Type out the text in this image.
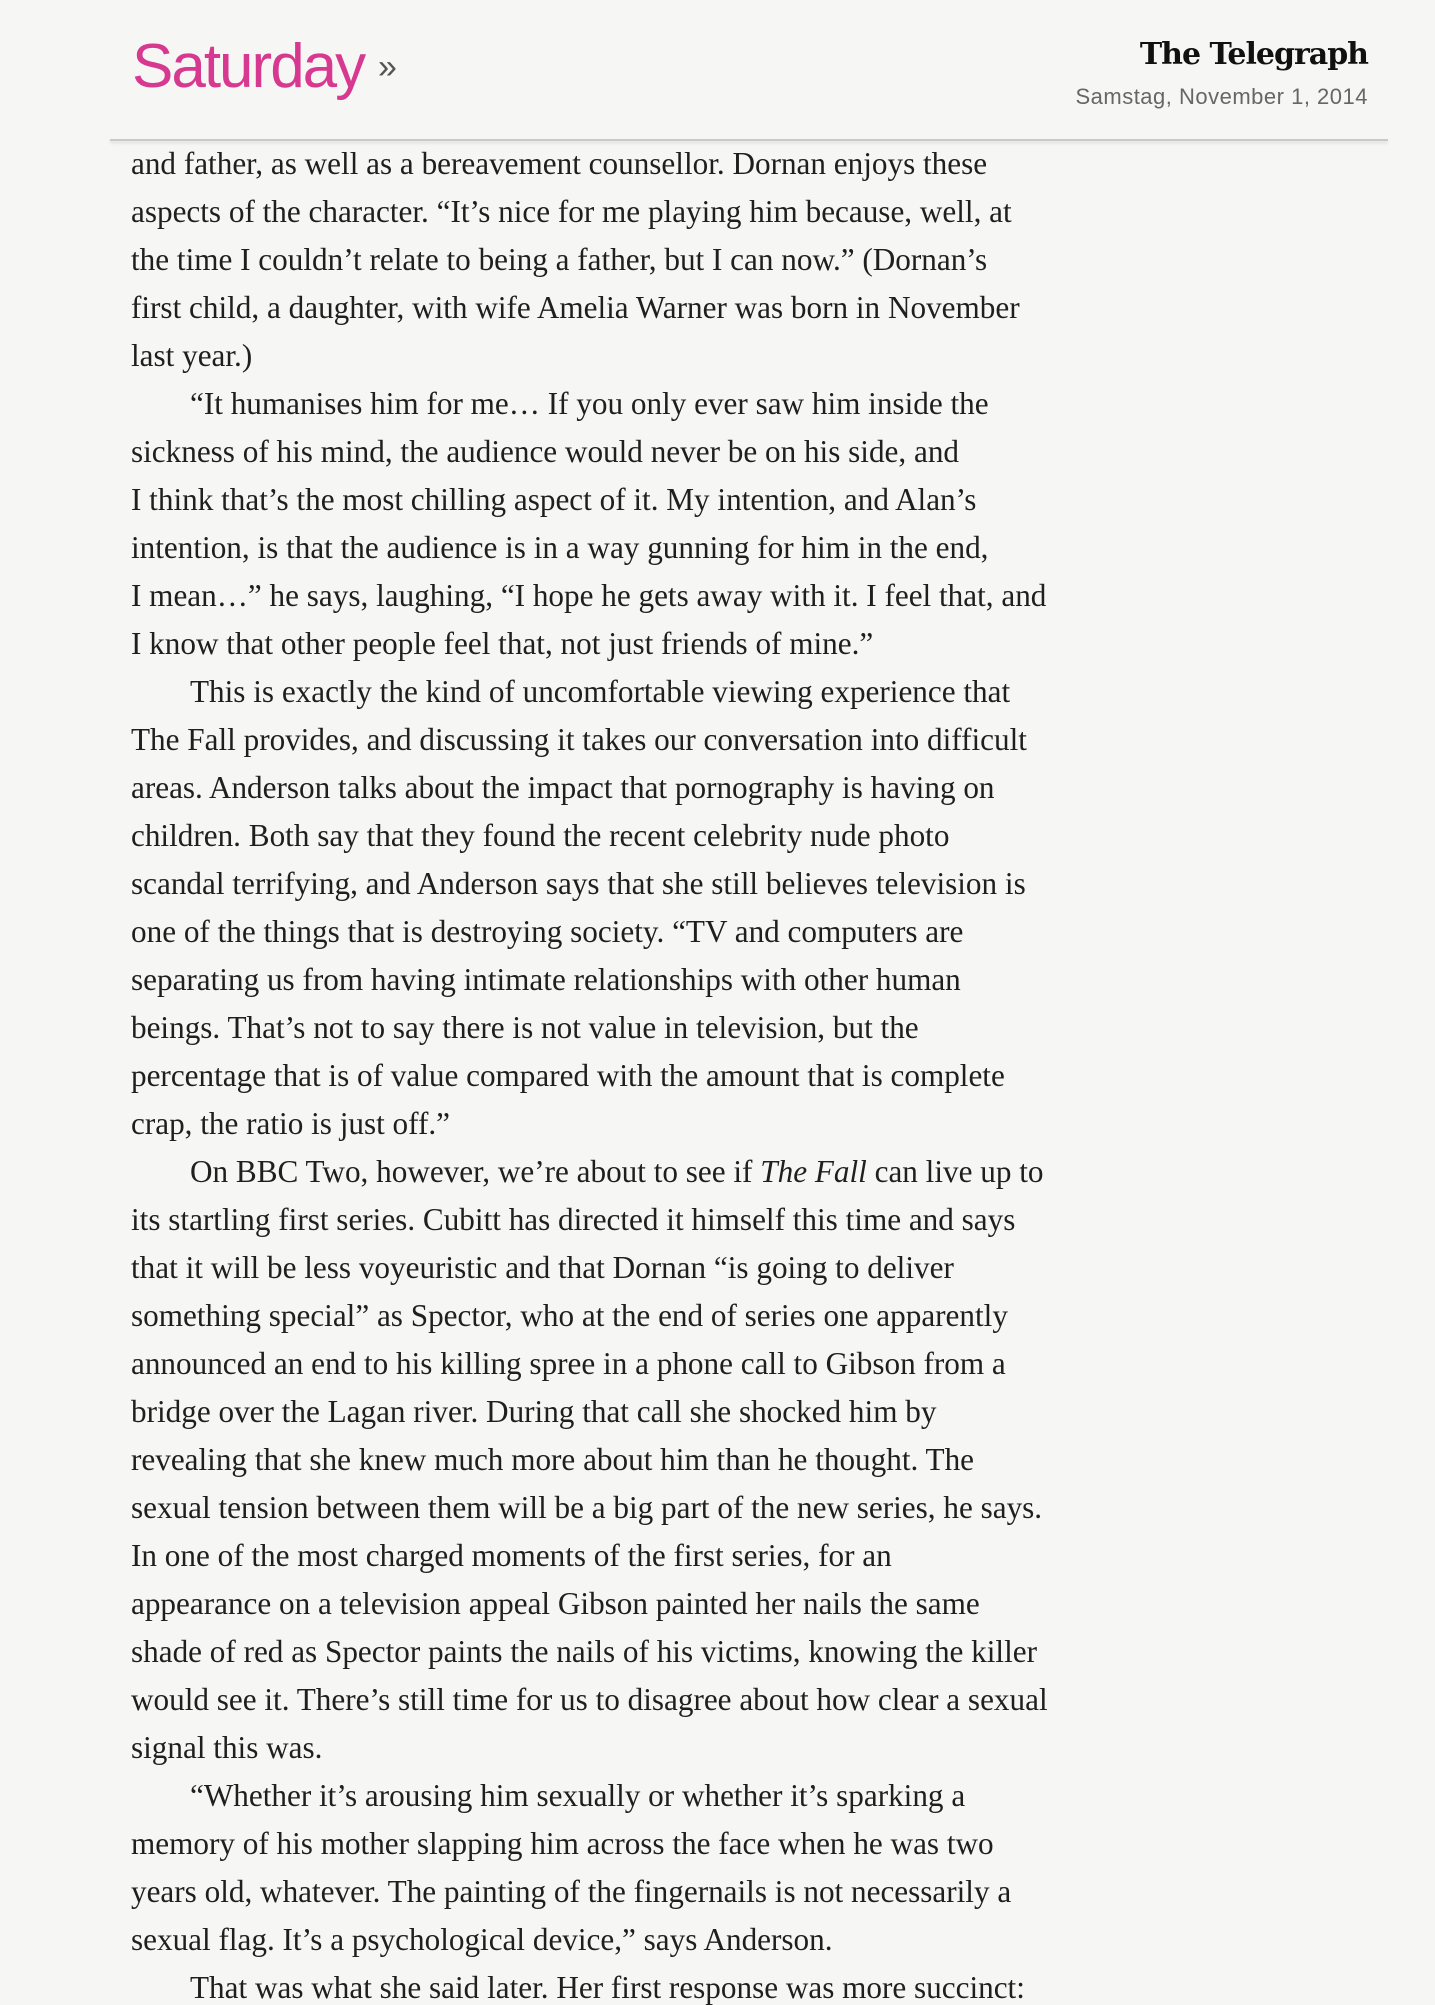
Saturday »	The Telegraph
Samstag, November 1, 2014

and father, as well as a bereavement counsellor. Dornan enjoys these
aspects of the character. “It’s nice for me playing him because, well, at
the time I couldn’t relate to being a father, but I can now.” (Dornan’s
first child, a daughter, with wife Amelia Warner was born in November
last year.)

“It humanises him for me… If you only ever saw him inside the
sickness of his mind, the audience would never be on his side, and
I think that’s the most chilling aspect of it. My intention, and Alan’s
intention, is that the audience is in a way gunning for him in the end,
I mean…” he says, laughing, “I hope he gets away with it. I feel that, and
I know that other people feel that, not just friends of mine.”

This is exactly the kind of uncomfortable viewing experience that
The Fall provides, and discussing it takes our conversation into difficult
areas. Anderson talks about the impact that pornography is having on
children. Both say that they found the recent celebrity nude photo
scandal terrifying, and Anderson says that she still believes television is
one of the things that is destroying society. “TV and computers are
separating us from having intimate relationships with other human
beings. That’s not to say there is not value in television, but the
percentage that is of value compared with the amount that is complete
crap, the ratio is just off.”

On BBC Two, however, we’re about to see if The Fall can live up to
its startling first series. Cubitt has directed it himself this time and says
that it will be less voyeuristic and that Dornan “is going to deliver
something special” as Spector, who at the end of series one apparently
announced an end to his killing spree in a phone call to Gibson from a
bridge over the Lagan river. During that call she shocked him by
revealing that she knew much more about him than he thought. The
sexual tension between them will be a big part of the new series, he says.
In one of the most charged moments of the first series, for an
appearance on a television appeal Gibson painted her nails the same
shade of red as Spector paints the nails of his victims, knowing the killer
would see it. There’s still time for us to disagree about how clear a sexual
signal this was.

“Whether it’s arousing him sexually or whether it’s sparking a
memory of his mother slapping him across the face when he was two
years old, whatever. The painting of the fingernails is not necessarily a
sexual flag. It’s a psychological device,” says Anderson.

That was what she said later. Her first response was more succinct:
